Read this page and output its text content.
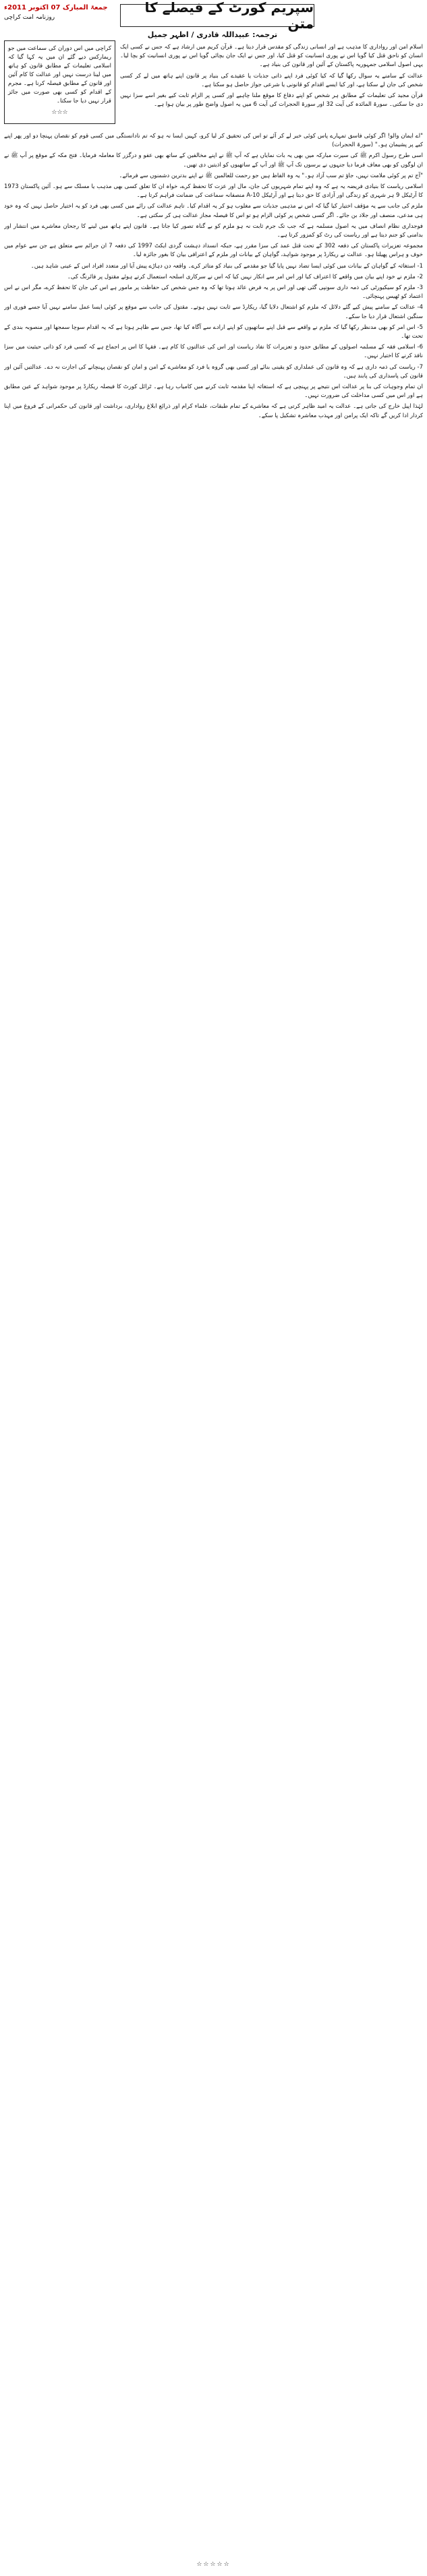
جمعۃ المبارک 07 اکتوبر 2011ء
روزنامہ امت کراچی
سپریم کورٹ کے فیصلے کا متن
ترجمہ: عبیداللہ قادری / اظہر جمیل
کراچی میں اس دوران کی سماعت میں جو ریمارکس دیے گئے ان میں یہ کہا گیا کہ اسلامی تعلیمات کے مطابق قانون کو ہاتھ میں لینا درست نہیں اور عدالت کا کام آئین اور قانون کے مطابق فیصلہ کرنا ہے۔ مجرم کے اقدام کو کسی بھی صورت میں جائز قرار نہیں دیا جا سکتا۔
☆☆☆

اسلام امن اور رواداری کا مذہب ہے اور انسانی زندگی کو مقدس قرار دیتا ہے۔ قرآن کریم میں ارشاد ہے کہ جس نے کسی ایک انسان کو ناحق قتل کیا گویا اس نے پوری انسانیت کو قتل کیا، اور جس نے ایک جان بچائی گویا اس نے پوری انسانیت کو بچا لیا۔ یہی اصول اسلامی جمہوریہ پاکستان کے آئین اور قانون کی بنیاد ہے۔

عدالت کے سامنے یہ سوال رکھا گیا کہ کیا کوئی فرد اپنے ذاتی جذبات یا عقیدے کی بنیاد پر قانون اپنے ہاتھ میں لے کر کسی شخص کی جان لے سکتا ہے، اور کیا ایسے اقدام کو قانونی یا شرعی جواز حاصل ہو سکتا ہے۔

قرآن مجید کی تعلیمات کے مطابق ہر شخص کو اپنے دفاع کا موقع ملنا چاہیے اور کسی پر الزام ثابت کیے بغیر اسے سزا نہیں دی جا سکتی۔ سورۃ المائدہ کی آیت 32 اور سورۃ الحجرات کی آیت 6 میں یہ اصول واضح طور پر بیان ہوا ہے۔

"اے ایمان والو! اگر کوئی فاسق تمہارے پاس کوئی خبر لے کر آئے تو اس کی تحقیق کر لیا کرو، کہیں ایسا نہ ہو کہ تم نادانستگی میں کسی قوم کو نقصان پہنچا دو اور پھر اپنے کیے پر پشیمان ہو۔" (سورۃ الحجرات)

اسی طرح رسول اکرم ﷺ کی سیرت مبارکہ میں بھی یہ بات نمایاں ہے کہ آپ ﷺ نے اپنے مخالفین کے ساتھ بھی عفو و درگزر کا معاملہ فرمایا۔ فتح مکہ کے موقع پر آپ ﷺ نے ان لوگوں کو بھی معاف فرما دیا جنہوں نے برسوں تک آپ ﷺ اور آپ کے ساتھیوں کو اذیتیں دی تھیں۔

"آج تم پر کوئی ملامت نہیں، جاؤ تم سب آزاد ہو۔" یہ وہ الفاظ ہیں جو رحمت للعالمین ﷺ نے اپنے بدترین دشمنوں سے فرمائے۔

اسلامی ریاست کا بنیادی فریضہ یہ ہے کہ وہ اپنے تمام شہریوں کی جان، مال اور عزت کا تحفظ کرے، خواہ ان کا تعلق کسی بھی مذہب یا مسلک سے ہو۔ آئین پاکستان 1973 کا آرٹیکل 9 ہر شہری کو زندگی اور آزادی کا حق دیتا ہے اور آرٹیکل 10-A منصفانہ سماعت کی ضمانت فراہم کرتا ہے۔

ملزم کی جانب سے یہ مؤقف اختیار کیا گیا کہ اس نے مذہبی جذبات سے مغلوب ہو کر یہ اقدام کیا۔ تاہم عدالت کی رائے میں کسی بھی فرد کو یہ اختیار حاصل نہیں کہ وہ خود ہی مدعی، منصف اور جلاد بن جائے۔ اگر کسی شخص پر کوئی الزام ہو تو اس کا فیصلہ مجاز عدالت ہی کر سکتی ہے۔

فوجداری نظام انصاف میں یہ اصول مسلمہ ہے کہ جب تک جرم ثابت نہ ہو ملزم کو بے گناہ تصور کیا جاتا ہے۔ قانون اپنے ہاتھ میں لینے کا رجحان معاشرے میں انتشار اور بدامنی کو جنم دیتا ہے اور ریاست کی رٹ کو کمزور کرتا ہے۔

مجموعہ تعزیرات پاکستان کی دفعہ 302 کے تحت قتل عمد کی سزا مقرر ہے، جبکہ انسداد دہشت گردی ایکٹ 1997 کی دفعہ 7 ان جرائم سے متعلق ہے جن سے عوام میں خوف و ہراس پھیلتا ہو۔ عدالت نے ریکارڈ پر موجود شواہد، گواہان کے بیانات اور ملزم کے اعترافی بیان کا بغور جائزہ لیا۔

1- استغاثہ کے گواہان کے بیانات میں کوئی ایسا تضاد نہیں پایا گیا جو مقدمے کی بنیاد کو متاثر کرے۔ واقعہ دن دہاڑے پیش آیا اور متعدد افراد اس کے عینی شاہد ہیں۔

2- ملزم نے خود اپنے بیان میں واقعے کا اعتراف کیا اور اس امر سے انکار نہیں کیا کہ اس نے سرکاری اسلحہ استعمال کرتے ہوئے مقتول پر فائرنگ کی۔

3- ملزم کو سیکیورٹی کی ذمہ داری سونپی گئی تھی اور اس پر یہ فرض عائد ہوتا تھا کہ وہ جس شخص کی حفاظت پر مامور ہے اس کی جان کا تحفظ کرے، مگر اس نے اس اعتماد کو ٹھیس پہنچائی۔

4- عدالت کے سامنے پیش کیے گئے دلائل کہ ملزم کو اشتعال دلایا گیا، ریکارڈ سے ثابت نہیں ہوتے۔ مقتول کی جانب سے موقع پر کوئی ایسا عمل سامنے نہیں آیا جسے فوری اور سنگین اشتعال قرار دیا جا سکے۔

5- اس امر کو بھی مدنظر رکھا گیا کہ ملزم نے واقعے سے قبل اپنے ساتھیوں کو اپنے ارادے سے آگاہ کیا تھا، جس سے ظاہر ہوتا ہے کہ یہ اقدام سوچا سمجھا اور منصوبہ بندی کے تحت تھا۔

6- اسلامی فقہ کے مسلمہ اصولوں کے مطابق حدود و تعزیرات کا نفاذ ریاست اور اس کی عدالتوں کا کام ہے۔ فقہا کا اس پر اجماع ہے کہ کسی فرد کو ذاتی حیثیت میں سزا نافذ کرنے کا اختیار نہیں۔

7- ریاست کی ذمہ داری ہے کہ وہ قانون کی عملداری کو یقینی بنائے اور کسی بھی گروہ یا فرد کو معاشرے کے امن و امان کو نقصان پہنچانے کی اجازت نہ دے۔ عدالتیں آئین اور قانون کی پاسداری کی پابند ہیں۔

ان تمام وجوہات کی بنا پر عدالت اس نتیجے پر پہنچی ہے کہ استغاثہ اپنا مقدمہ ثابت کرنے میں کامیاب رہا ہے۔ ٹرائل کورٹ کا فیصلہ ریکارڈ پر موجود شواہد کے عین مطابق ہے اور اس میں کسی مداخلت کی ضرورت نہیں۔

لہٰذا اپیل خارج کی جاتی ہے۔ عدالت یہ امید ظاہر کرتی ہے کہ معاشرے کے تمام طبقات، علماء کرام اور ذرائع ابلاغ رواداری، برداشت اور قانون کی حکمرانی کے فروغ میں اپنا کردار ادا کریں گے تاکہ ایک پرامن اور مہذب معاشرہ تشکیل پا سکے۔

☆☆☆☆☆
